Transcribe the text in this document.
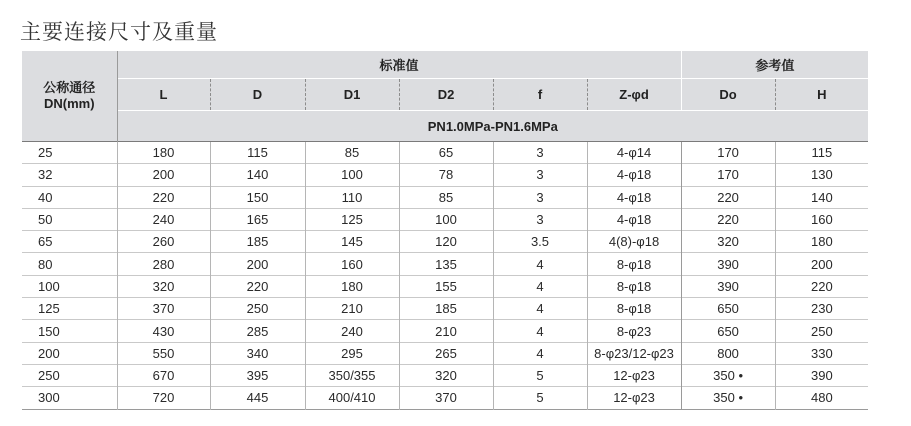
主要连接尺寸及重量
公称通径
DN(mm)	标准值						参考值	
	L	D	D1	D2	f	Z-φd	Do	H
	PN1.0MPa-PN1.6MPa							
25	180	115	85	65	3	4-φ14	170	115
32	200	140	100	78	3	4-φ18	170	130
40	220	150	110	85	3	4-φ18	220	140
50	240	165	125	100	3	4-φ18	220	160
65	260	185	145	120	3.5	4(8)-φ18	320	180
80	280	200	160	135	4	8-φ18	390	200
100	320	220	180	155	4	8-φ18	390	220
125	370	250	210	185	4	8-φ18	650	230
150	430	285	240	210	4	8-φ23	650	250
200	550	340	295	265	4	8-φ23/12-φ23	800	330
250	670	395	350/355	320	5	12-φ23	350 •	390
300	720	445	400/410	370	5	12-φ23	350 •	480
